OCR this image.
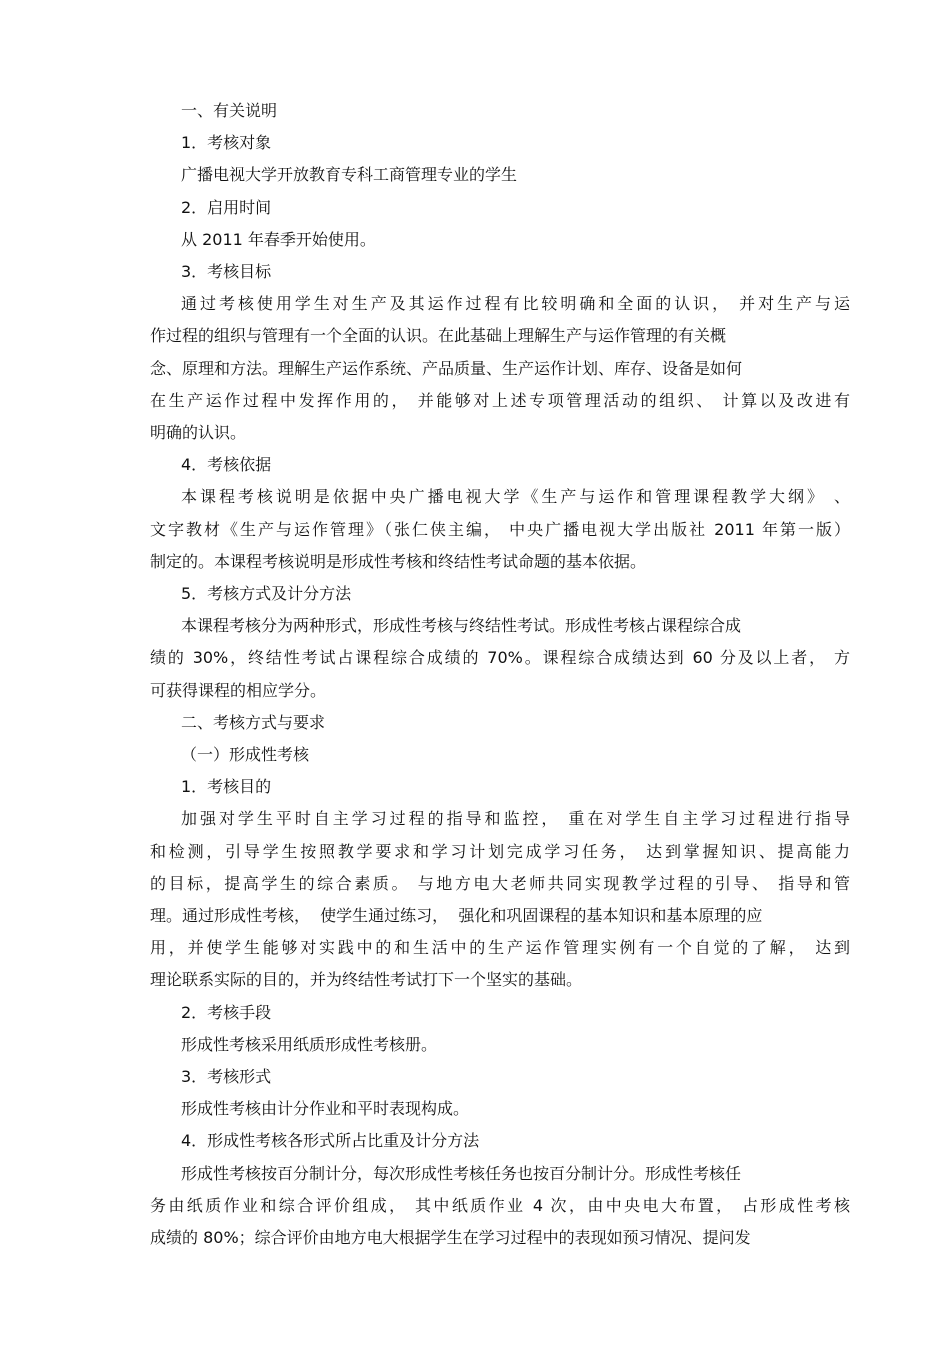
一、有关说明
1．考核对象
广播电视大学开放教育专科工商管理专业的学生
2．启用时间
从 2011 年春季开始使用。
3．考核目标
通过考核使用学生对生产及其运作过程有比较明确和全面的认识， 并对生产与运
作过程的组织与管理有一个全面的认识。在此基础上理解生产与运作管理的有关概
念、原理和方法。理解生产运作系统、产品质量、生产运作计划、库存、设备是如何
在生产运作过程中发挥作用的， 并能够对上述专项管理活动的组织、 计算以及改进有
明确的认识。
4．考核依据
本课程考核说明是依据中央广播电视大学《生产与运作和管理课程教学大纲》 、
文字教材《生产与运作管理》（张仁侠主编， 中央广播电视大学出版社 2011 年第一版）
制定的。本课程考核说明是形成性考核和终结性考试命题的基本依据。
5．考核方式及计分方法
本课程考核分为两种形式，形成性考核与终结性考试。形成性考核占课程综合成
绩的 30%，终结性考试占课程综合成绩的 70%。课程综合成绩达到 60 分及以上者， 方
可获得课程的相应学分。
二、考核方式与要求
（一）形成性考核
1．考核目的
加强对学生平时自主学习过程的指导和监控， 重在对学生自主学习过程进行指导
和检测，引导学生按照教学要求和学习计划完成学习任务， 达到掌握知识、提高能力
的目标，提高学生的综合素质。 与地方电大老师共同实现教学过程的引导、 指导和管
理。通过形成性考核，  使学生通过练习，  强化和巩固课程的基本知识和基本原理的应
用，并使学生能够对实践中的和生活中的生产运作管理实例有一个自觉的了解， 达到
理论联系实际的目的，并为终结性考试打下一个坚实的基础。
2．考核手段
形成性考核采用纸质形成性考核册。
3．考核形式
形成性考核由计分作业和平时表现构成。
4．形成性考核各形式所占比重及计分方法
形成性考核按百分制计分，每次形成性考核任务也按百分制计分。形成性考核任
务由纸质作业和综合评价组成， 其中纸质作业 4 次，由中央电大布置， 占形成性考核
成绩的 80%；综合评价由地方电大根据学生在学习过程中的表现如预习情况、提问发
